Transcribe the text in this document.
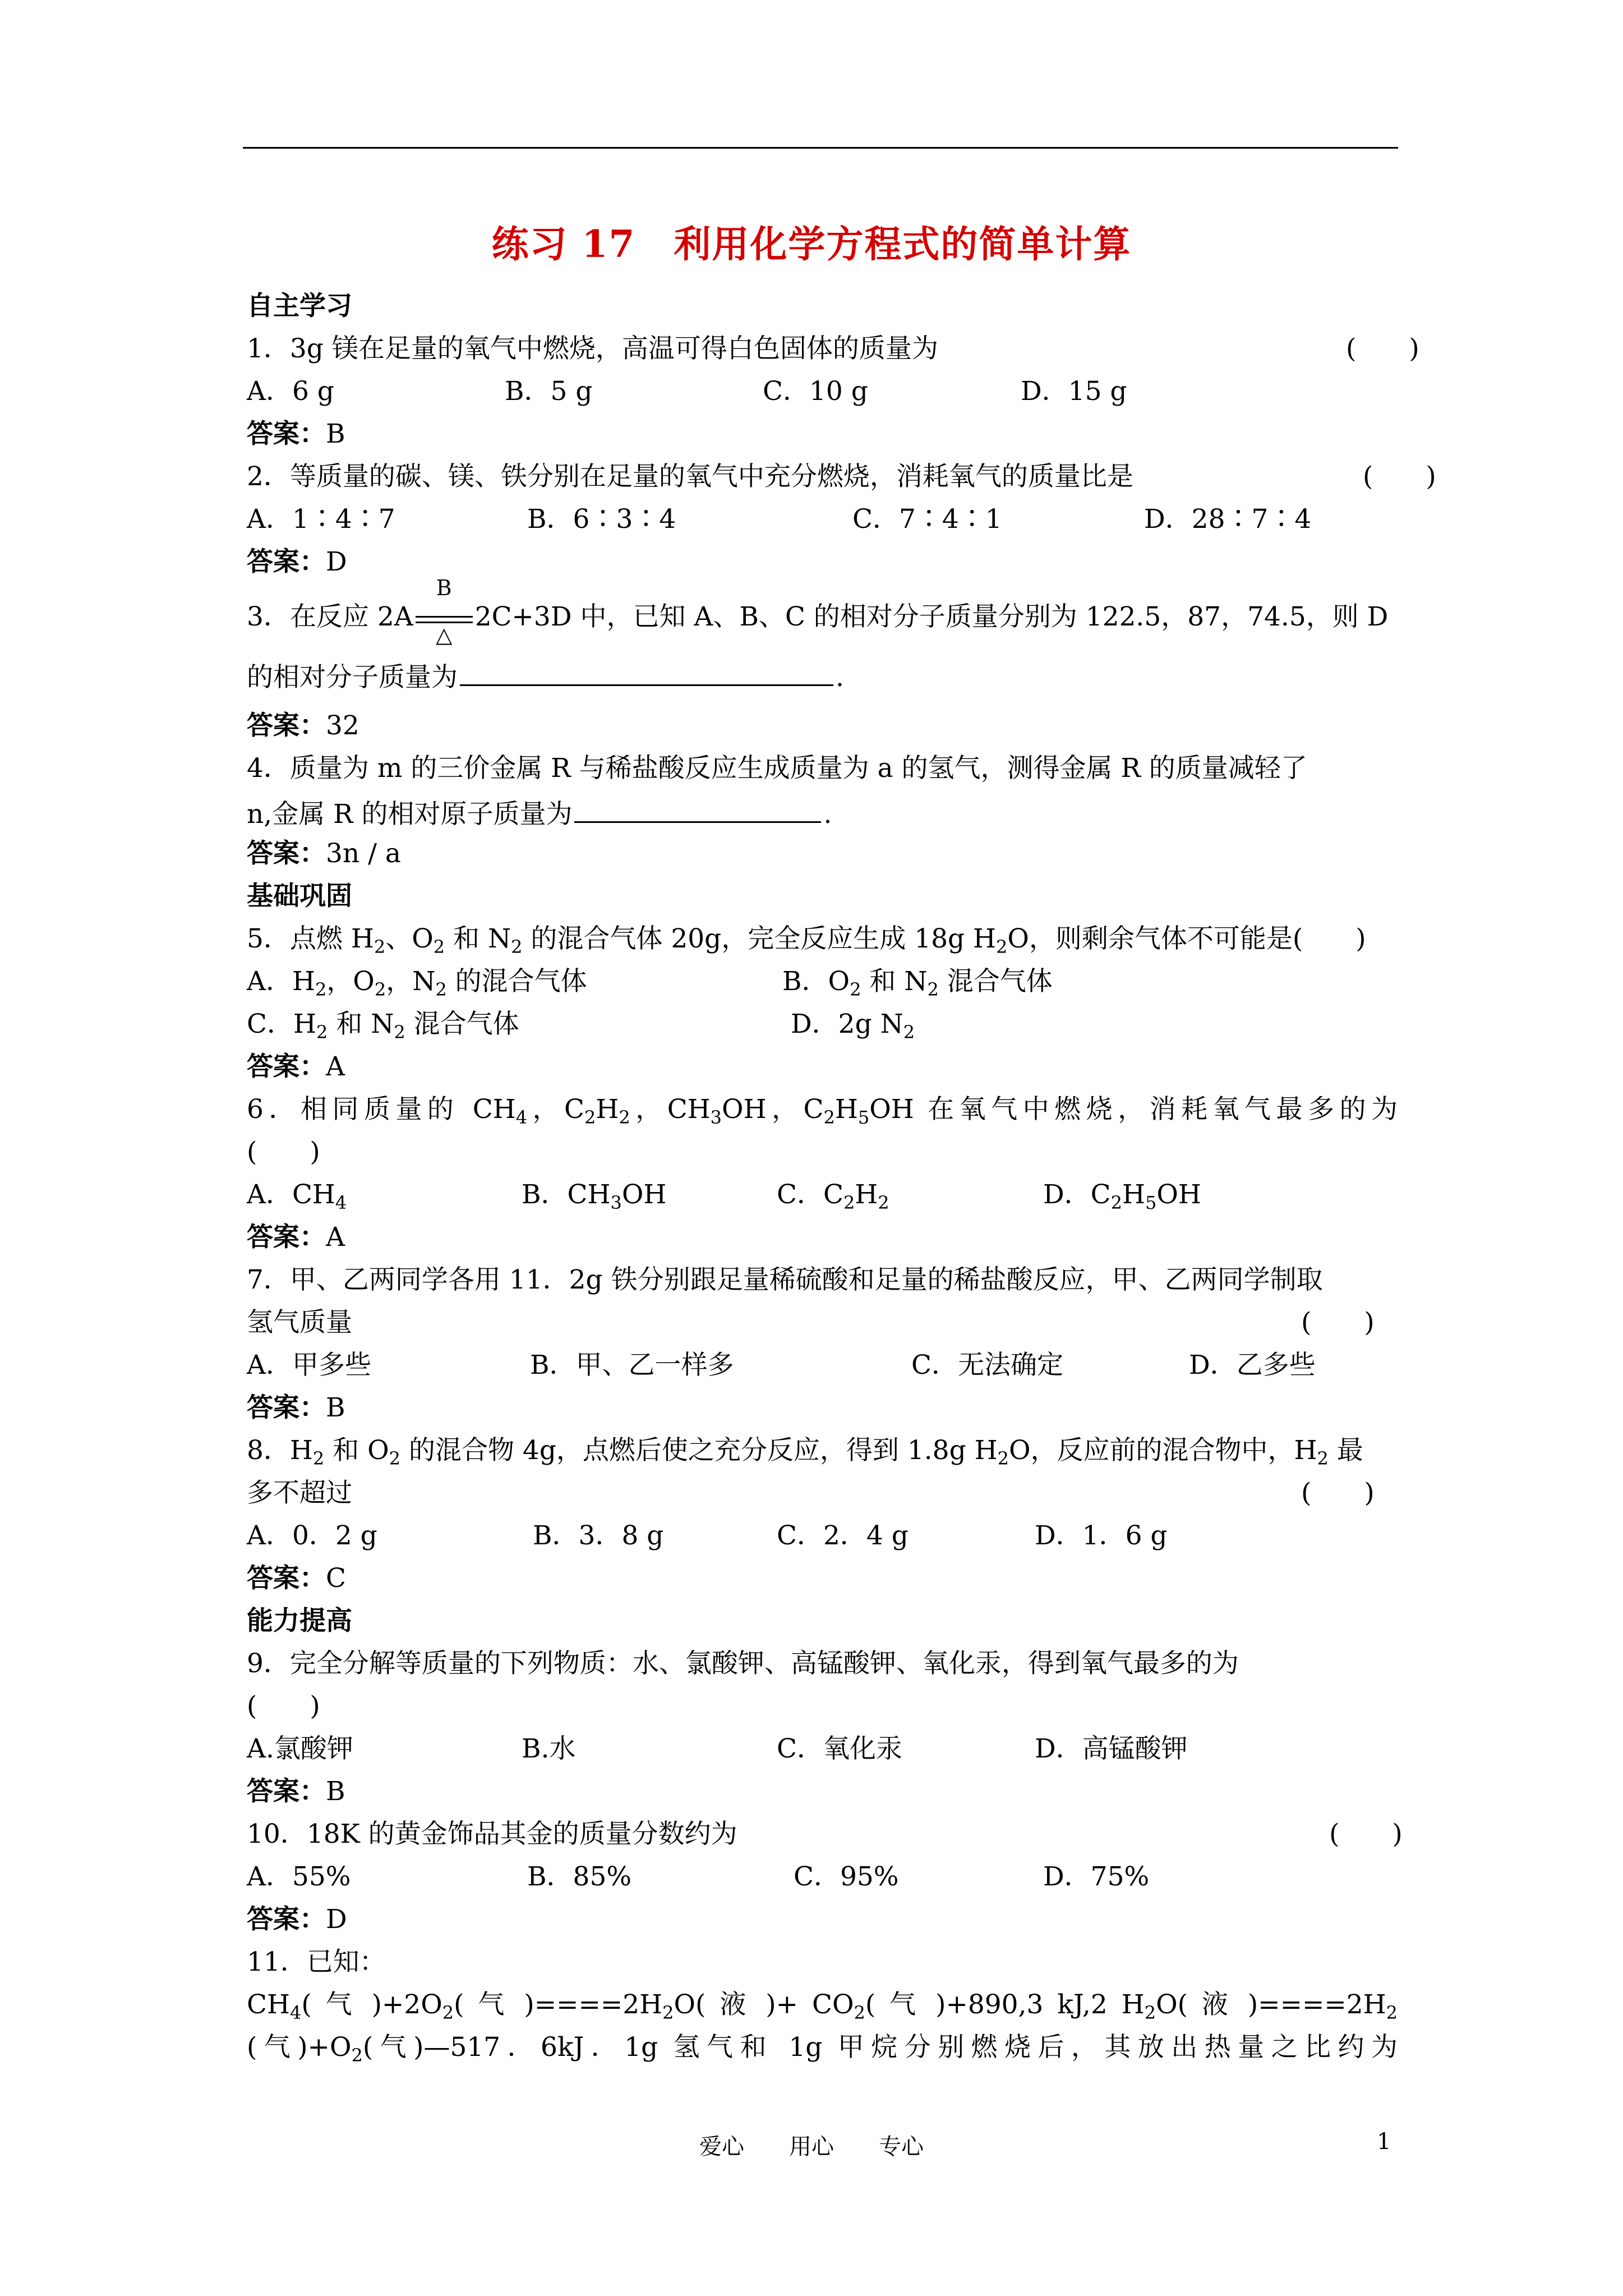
练习 17　利用化学方程式的简单计算
自主学习
1．3g 镁在足量的氧气中燃烧，高温可得白色固体的质量为	(　　)
A．6 g	B．5 g	C．10 g	D．15 g
答案：B
2．等质量的碳、镁、铁分别在足量的氧气中充分燃烧，消耗氧气的质量比是	(　　)
A．1∶4∶7	B．6∶3∶4	C．7∶4∶1	D．28∶7∶4
答案：D
3．在反应 2A
B
△
2C+3D 中，已知 A、B、C 的相对分子质量分别为 122.5，87，74.5，则 D
的相对分子质量为	.
答案：32
4．质量为 m 的三价金属 R 与稀盐酸反应生成质量为 a 的氢气，测得金属 R 的质量减轻了
n,金属 R 的相对原子质量为	.
答案：3n / a
基础巩固
5．点燃 $H_2$、$O_2$ 和 $N_2$ 的混合气体 20g，完全反应生成 18g $H_2O$，则剩余气体不可能是(　　)
A．$H_2$，$O_2$，$N_2$ 的混合气体	B．$O_2$ 和 $N_2$ 混合气体
C．$H_2$ 和 $N_2$ 混合气体	D．2g $N_2$
答案：A
6．相同质量的 $CH_4$，$C_2H_2$，$CH_3OH$，$C_2H_5OH$ 在氧气中燃烧，消耗氧气最多的为
(　　)
A．$CH_4$	B．$CH_3OH$	C．$C_2H_2$	D．$C_2H_5OH$
答案：A
7．甲、乙两同学各用 11．2g 铁分别跟足量稀硫酸和足量的稀盐酸反应，甲、乙两同学制取
氢气质量	(　　)
A．甲多些	B．甲、乙一样多	C．无法确定	D．乙多些
答案：B
8．$H_2$ 和 $O_2$ 的混合物 4g，点燃后使之充分反应，得到 1.8g $H_2O$，反应前的混合物中，$H_2$ 最
多不超过	(　　)
A．0．2 g	B．3．8 g	C．2．4 g	D．1．6 g
答案：C
能力提高
9．完全分解等质量的下列物质：水、氯酸钾、高锰酸钾、氧化汞，得到氧气最多的为
(　　)
A.氯酸钾	B.水	C．氧化汞	D．高锰酸钾
答案：B
10．18K 的黄金饰品其金的质量分数约为	(　　)
A．55%	B．85%	C．95%	D．75%
答案：D
11．已知：
$CH_4$( 气 )$+2O_2$( 气 )$====2H_2O$( 液 )+ $CO_2$( 气 )+890,3 kJ,2 $H_2O$( 液 )$====2H_2$
(气)$+O_2$(气)—517．6kJ．1g 氢气和 1g 甲烷分别燃烧后，其放出热量之比约为
爱心　　用心　　专心	1
